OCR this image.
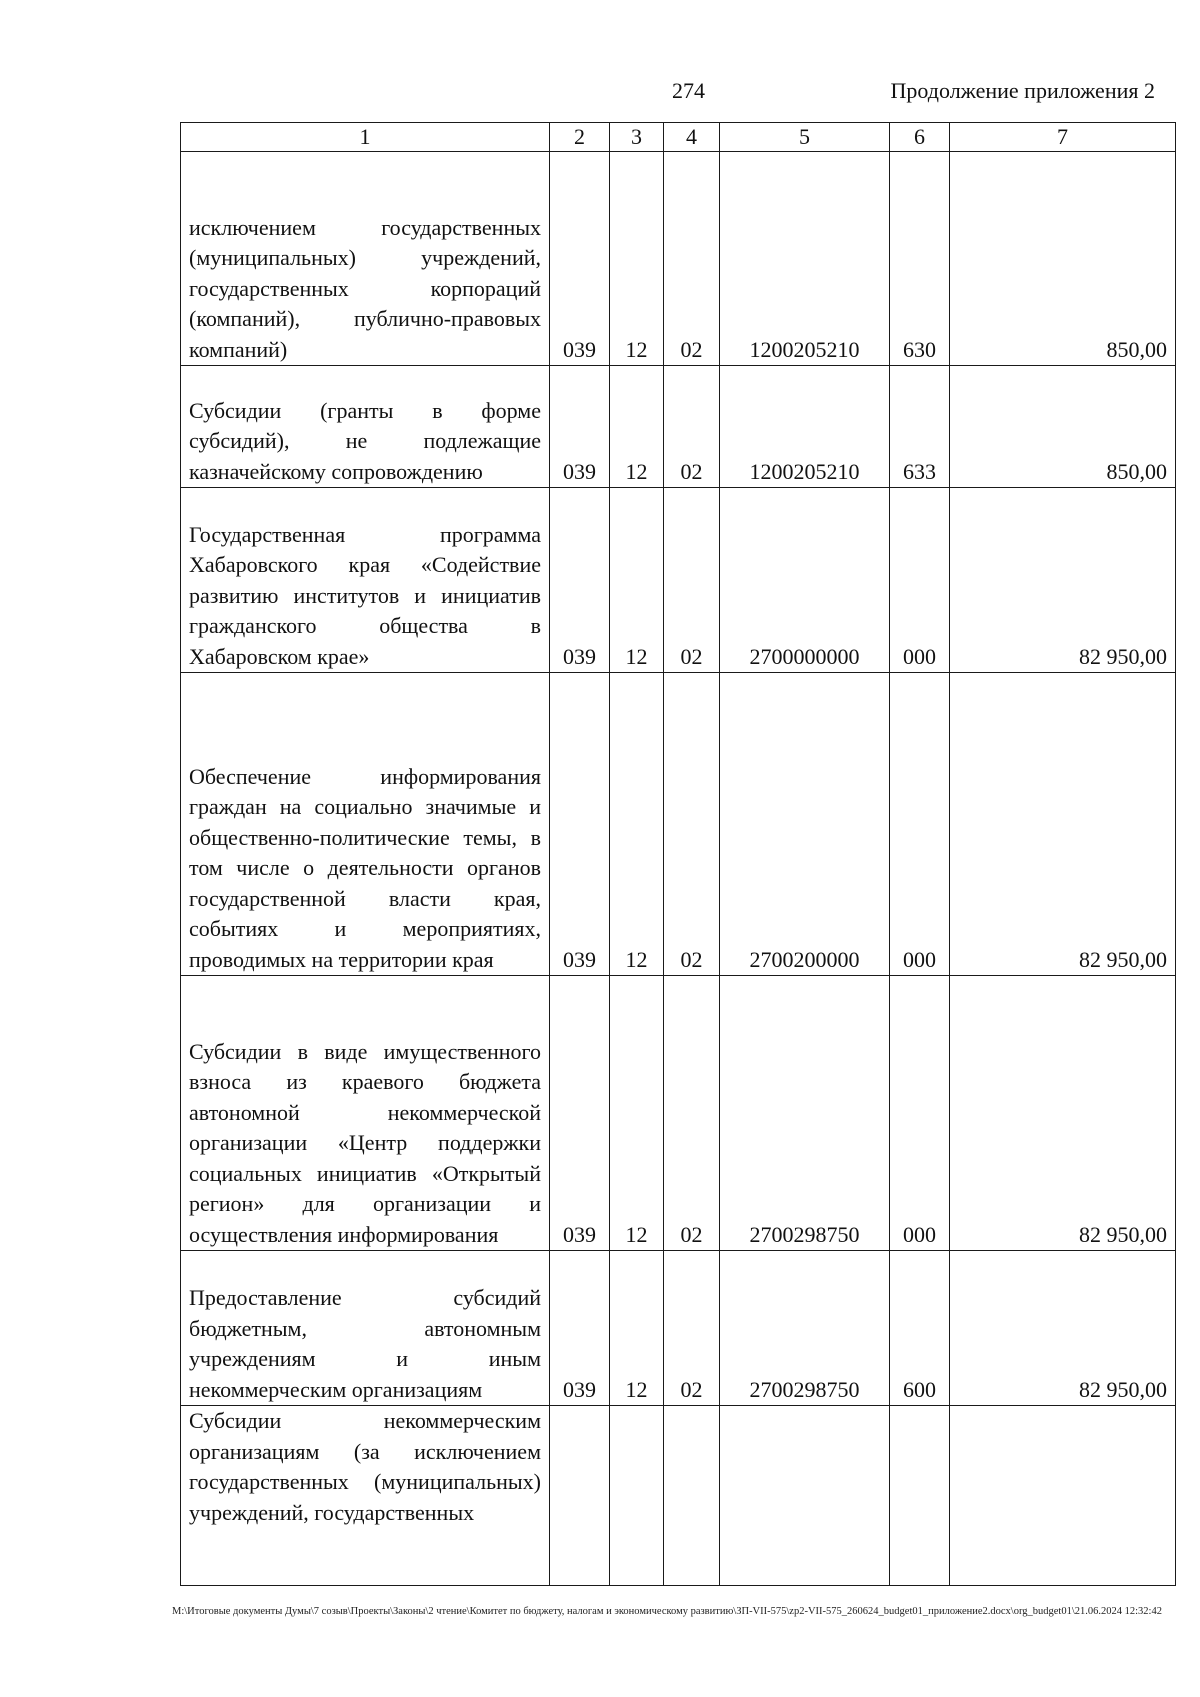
274	Продолжение приложения 2
1	2	3	4	5	6	7
исключением государственных (муниципальных) учреждений, государственных корпораций (компаний), публично-правовых компаний)	039	12	02	1200205210	630	850,00
Субсидии (гранты в форме субсидий), не подлежащие казначейскому сопровождению	039	12	02	1200205210	633	850,00
Государственная программа Хабаровского края «Содействие развитию институтов и инициатив гражданского общества в Хабаровском крае»	039	12	02	2700000000	000	82 950,00
Обеспечение информирования граждан на социально значимые и общественно-политические темы, в том числе о деятельности органов государственной власти края, событиях и мероприятиях, проводимых на территории края	039	12	02	2700200000	000	82 950,00
Субсидии в виде имущественного взноса из краевого бюджета автономной некоммерческой организации «Центр поддержки социальных инициатив «Открытый регион» для организации и осуществления информирования	039	12	02	2700298750	000	82 950,00
Предоставление субсидий бюджетным, автономным учреждениям и иным некоммерческим организациям	039	12	02	2700298750	600	82 950,00
Субсидии некоммерческим организациям (за исключением государственных (муниципальных) учреждений, государственных						
М:\Итоговые документы Думы\7 созыв\Проекты\Законы\2 чтение\Комитет по бюджету, налогам и экономическому развитию\ЗП-VII-575\zp2-VII-575_260624_budget01_приложение2.docx\org_budget01\21.06.2024 12:32:42
